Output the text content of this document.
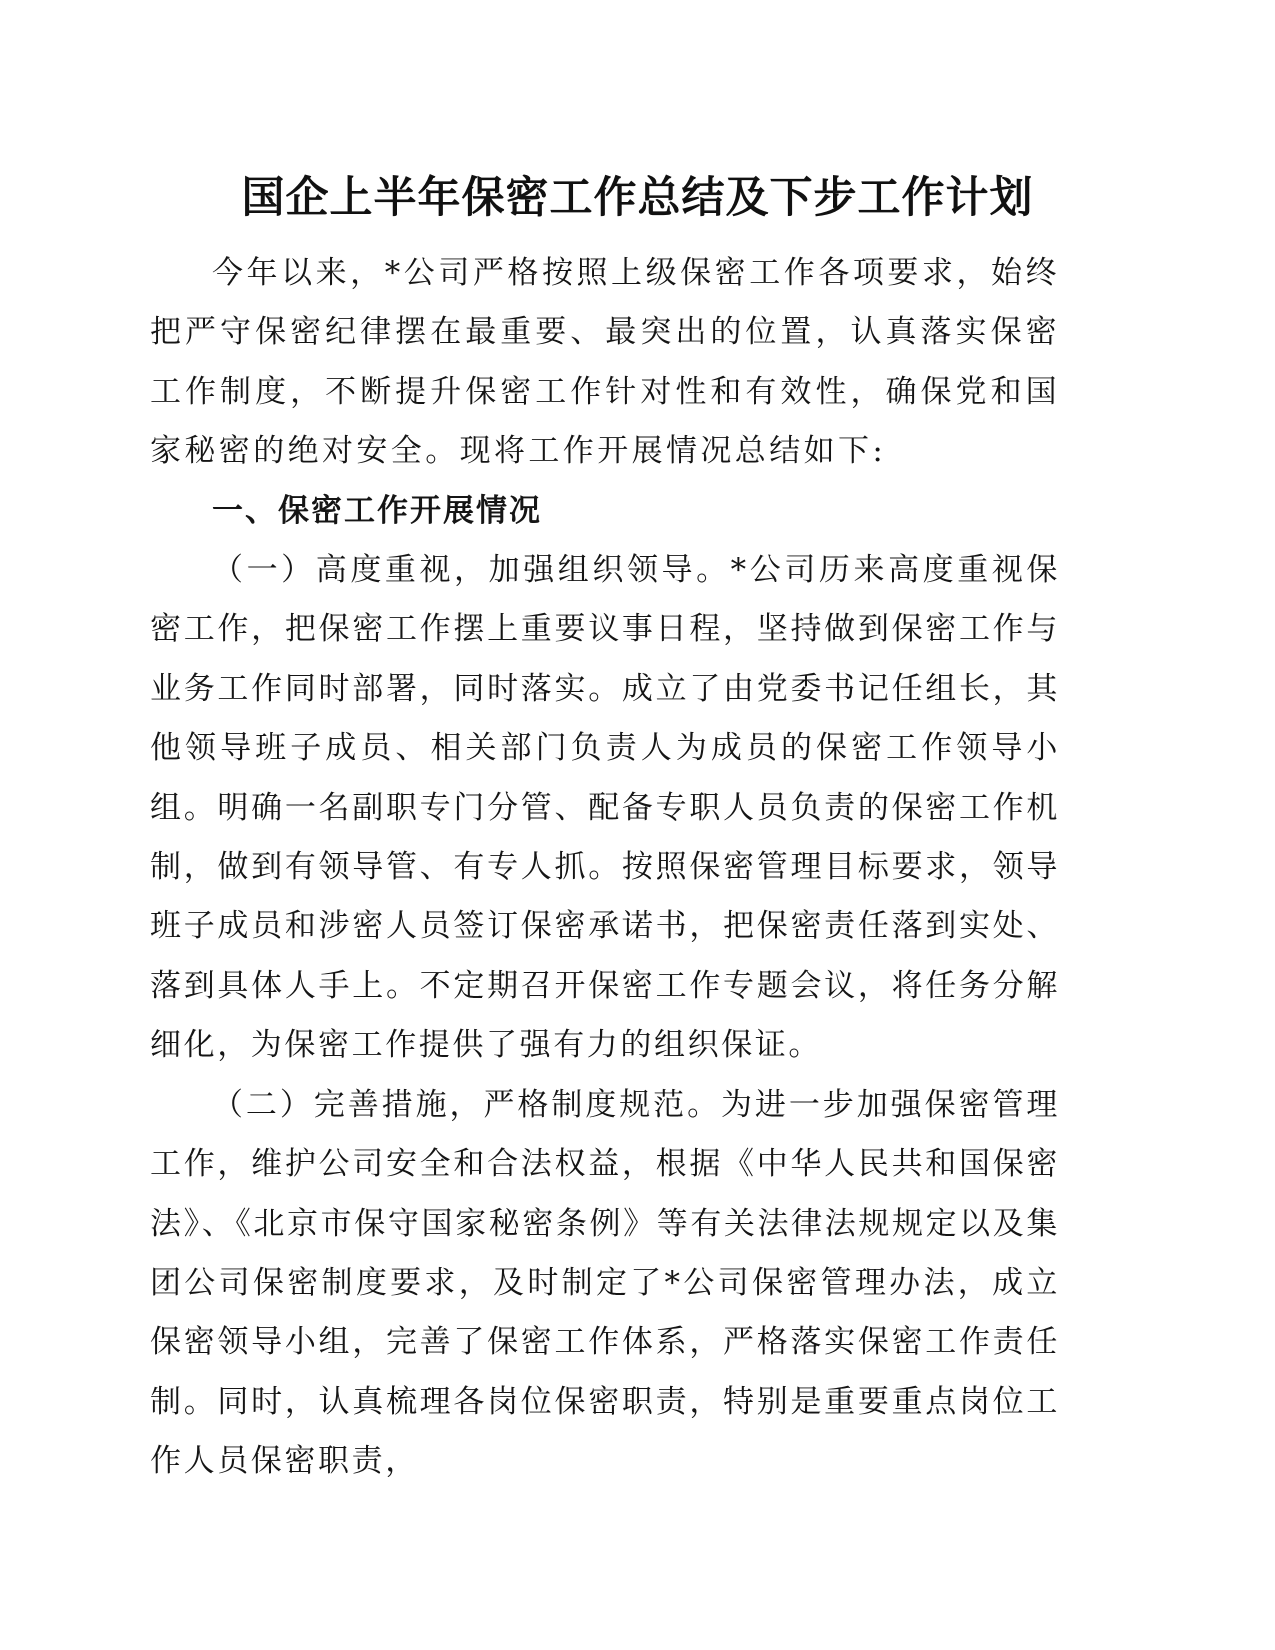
国企上半年保密工作总结及下步工作计划

今年以来，*公司严格按照上级保密工作各项要求，始终把严守保密纪律摆在最重要、最突出的位置，认真落实保密工作制度，不断提升保密工作针对性和有效性，确保党和国家秘密的绝对安全。现将工作开展情况总结如下:

一、保密工作开展情况

（一）高度重视，加强组织领导。*公司历来高度重视保密工作，把保密工作摆上重要议事日程，坚持做到保密工作与业务工作同时部署，同时落实。成立了由党委书记任组长，其他领导班子成员、相关部门负责人为成员的保密工作领导小组。明确一名副职专门分管、配备专职人员负责的保密工作机制，做到有领导管、有专人抓。按照保密管理目标要求，领导班子成员和涉密人员签订保密承诺书，把保密责任落到实处、落到具体人手上。不定期召开保密工作专题会议，将任务分解细化，为保密工作提供了强有力的组织保证。

（二）完善措施，严格制度规范。为进一步加强保密管理工作，维护公司安全和合法权益，根据《中华人民共和国保密法》、《北京市保守国家秘密条例》等有关法律法规规定以及集团公司保密制度要求，及时制定了*公司保密管理办法，成立保密领导小组，完善了保密工作体系，严格落实保密工作责任制。同时，认真梳理各岗位保密职责，特别是重要重点岗位工作人员保密职责，
